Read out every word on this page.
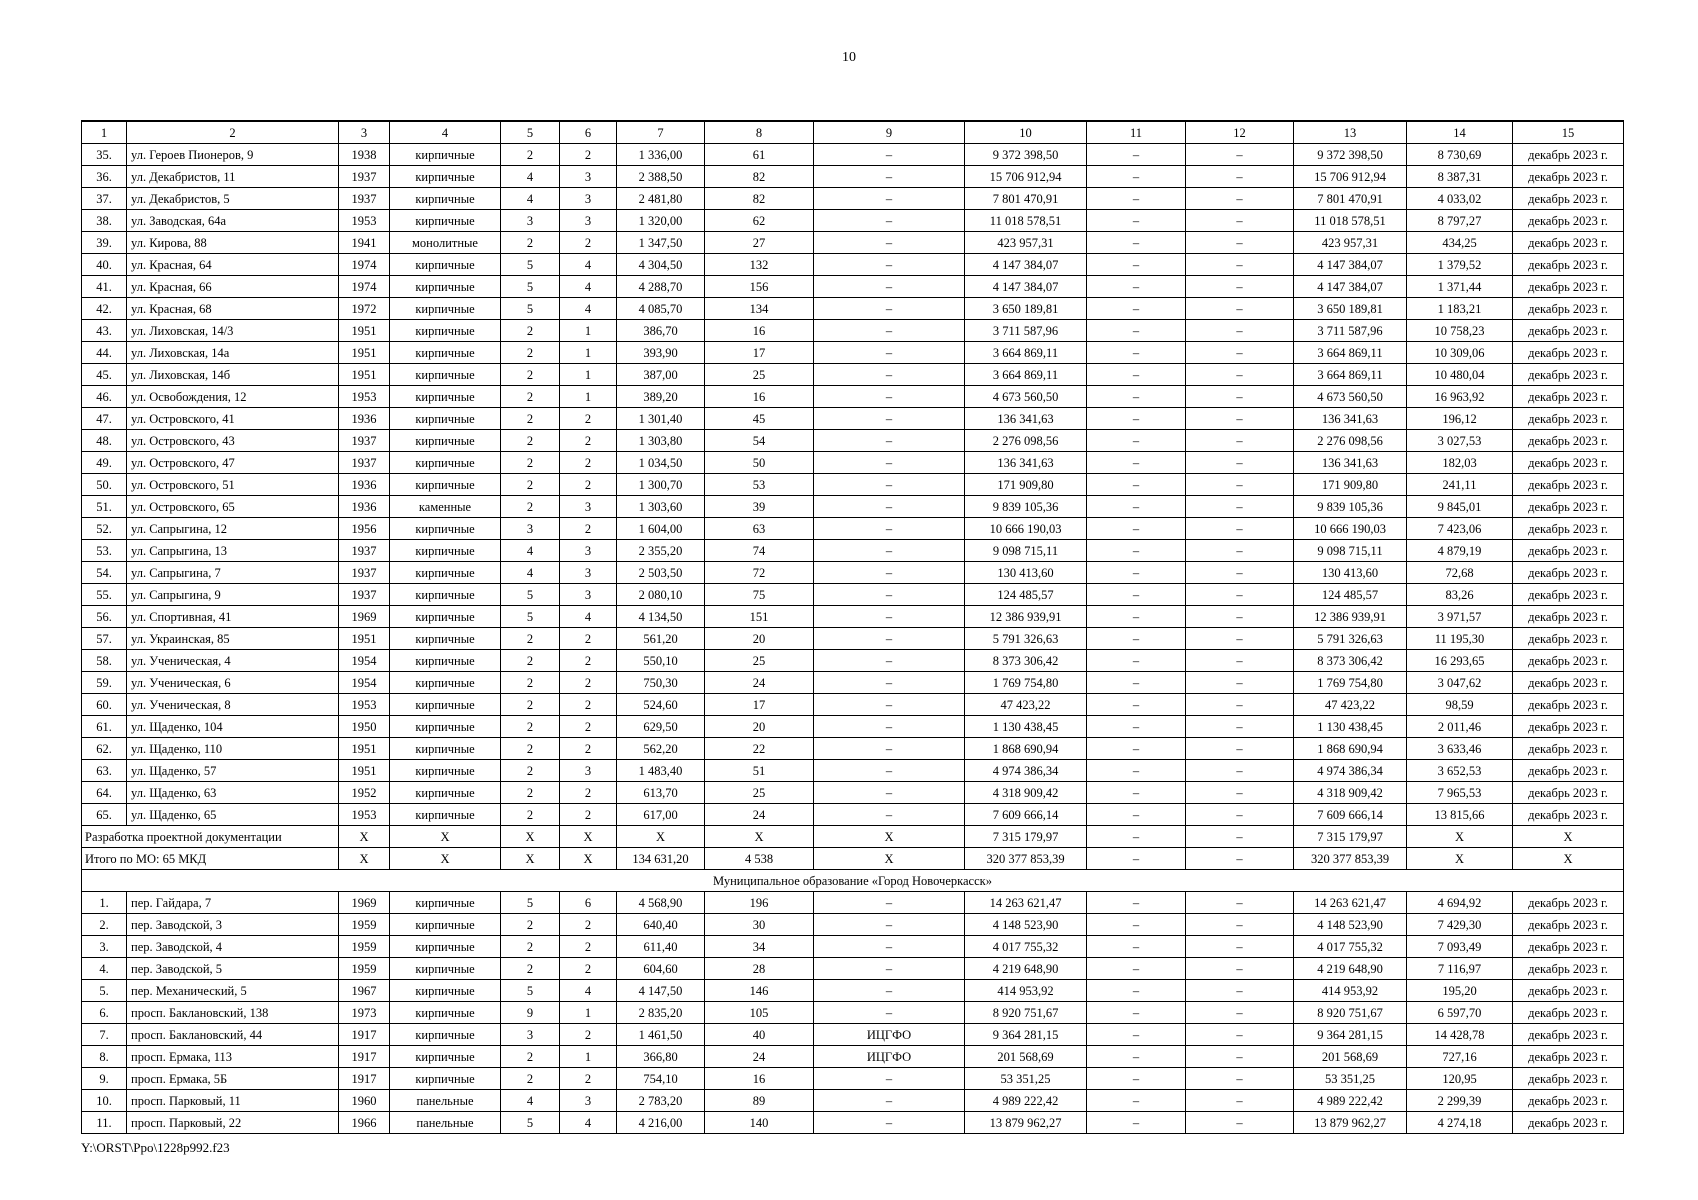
10
1	2	3	4	5	6	7	8	9	10	11	12	13	14	15
35.	ул. Героев Пионеров, 9	1938	кирпичные	2	2	1 336,00	61	–	9 372 398,50	–	–	9 372 398,50	8 730,69	декабрь 2023 г.
36.	ул. Декабристов, 11	1937	кирпичные	4	3	2 388,50	82	–	15 706 912,94	–	–	15 706 912,94	8 387,31	декабрь 2023 г.
37.	ул. Декабристов, 5	1937	кирпичные	4	3	2 481,80	82	–	7 801 470,91	–	–	7 801 470,91	4 033,02	декабрь 2023 г.
38.	ул. Заводская, 64а	1953	кирпичные	3	3	1 320,00	62	–	11 018 578,51	–	–	11 018 578,51	8 797,27	декабрь 2023 г.
39.	ул. Кирова, 88	1941	монолитные	2	2	1 347,50	27	–	423 957,31	–	–	423 957,31	434,25	декабрь 2023 г.
40.	ул. Красная, 64	1974	кирпичные	5	4	4 304,50	132	–	4 147 384,07	–	–	4 147 384,07	1 379,52	декабрь 2023 г.
41.	ул. Красная, 66	1974	кирпичные	5	4	4 288,70	156	–	4 147 384,07	–	–	4 147 384,07	1 371,44	декабрь 2023 г.
42.	ул. Красная, 68	1972	кирпичные	5	4	4 085,70	134	–	3 650 189,81	–	–	3 650 189,81	1 183,21	декабрь 2023 г.
43.	ул. Лиховская, 14/3	1951	кирпичные	2	1	386,70	16	–	3 711 587,96	–	–	3 711 587,96	10 758,23	декабрь 2023 г.
44.	ул. Лиховская, 14а	1951	кирпичные	2	1	393,90	17	–	3 664 869,11	–	–	3 664 869,11	10 309,06	декабрь 2023 г.
45.	ул. Лиховская, 14б	1951	кирпичные	2	1	387,00	25	–	3 664 869,11	–	–	3 664 869,11	10 480,04	декабрь 2023 г.
46.	ул. Освобождения, 12	1953	кирпичные	2	1	389,20	16	–	4 673 560,50	–	–	4 673 560,50	16 963,92	декабрь 2023 г.
47.	ул. Островского, 41	1936	кирпичные	2	2	1 301,40	45	–	136 341,63	–	–	136 341,63	196,12	декабрь 2023 г.
48.	ул. Островского, 43	1937	кирпичные	2	2	1 303,80	54	–	2 276 098,56	–	–	2 276 098,56	3 027,53	декабрь 2023 г.
49.	ул. Островского, 47	1937	кирпичные	2	2	1 034,50	50	–	136 341,63	–	–	136 341,63	182,03	декабрь 2023 г.
50.	ул. Островского, 51	1936	кирпичные	2	2	1 300,70	53	–	171 909,80	–	–	171 909,80	241,11	декабрь 2023 г.
51.	ул. Островского, 65	1936	каменные	2	3	1 303,60	39	–	9 839 105,36	–	–	9 839 105,36	9 845,01	декабрь 2023 г.
52.	ул. Сапрыгина, 12	1956	кирпичные	3	2	1 604,00	63	–	10 666 190,03	–	–	10 666 190,03	7 423,06	декабрь 2023 г.
53.	ул. Сапрыгина, 13	1937	кирпичные	4	3	2 355,20	74	–	9 098 715,11	–	–	9 098 715,11	4 879,19	декабрь 2023 г.
54.	ул. Сапрыгина, 7	1937	кирпичные	4	3	2 503,50	72	–	130 413,60	–	–	130 413,60	72,68	декабрь 2023 г.
55.	ул. Сапрыгина, 9	1937	кирпичные	5	3	2 080,10	75	–	124 485,57	–	–	124 485,57	83,26	декабрь 2023 г.
56.	ул. Спортивная, 41	1969	кирпичные	5	4	4 134,50	151	–	12 386 939,91	–	–	12 386 939,91	3 971,57	декабрь 2023 г.
57.	ул. Украинская, 85	1951	кирпичные	2	2	561,20	20	–	5 791 326,63	–	–	5 791 326,63	11 195,30	декабрь 2023 г.
58.	ул. Ученическая, 4	1954	кирпичные	2	2	550,10	25	–	8 373 306,42	–	–	8 373 306,42	16 293,65	декабрь 2023 г.
59.	ул. Ученическая, 6	1954	кирпичные	2	2	750,30	24	–	1 769 754,80	–	–	1 769 754,80	3 047,62	декабрь 2023 г.
60.	ул. Ученическая, 8	1953	кирпичные	2	2	524,60	17	–	47 423,22	–	–	47 423,22	98,59	декабрь 2023 г.
61.	ул. Щаденко, 104	1950	кирпичные	2	2	629,50	20	–	1 130 438,45	–	–	1 130 438,45	2 011,46	декабрь 2023 г.
62.	ул. Щаденко, 110	1951	кирпичные	2	2	562,20	22	–	1 868 690,94	–	–	1 868 690,94	3 633,46	декабрь 2023 г.
63.	ул. Щаденко, 57	1951	кирпичные	2	3	1 483,40	51	–	4 974 386,34	–	–	4 974 386,34	3 652,53	декабрь 2023 г.
64.	ул. Щаденко, 63	1952	кирпичные	2	2	613,70	25	–	4 318 909,42	–	–	4 318 909,42	7 965,53	декабрь 2023 г.
65.	ул. Щаденко, 65	1953	кирпичные	2	2	617,00	24	–	7 609 666,14	–	–	7 609 666,14	13 815,66	декабрь 2023 г.
Разработка проектной документации		X	X	X	X	X	X	X	7 315 179,97	–	–	7 315 179,97	X	X
Итого по МО: 65 МКД		X	X	X	X	134 631,20	4 538	X	320 377 853,39	–	–	320 377 853,39	X	X
Муниципальное образование «Город Новочеркасск»														
1.	пер. Гайдара, 7	1969	кирпичные	5	6	4 568,90	196	–	14 263 621,47	–	–	14 263 621,47	4 694,92	декабрь 2023 г.
2.	пер. Заводской, 3	1959	кирпичные	2	2	640,40	30	–	4 148 523,90	–	–	4 148 523,90	7 429,30	декабрь 2023 г.
3.	пер. Заводской, 4	1959	кирпичные	2	2	611,40	34	–	4 017 755,32	–	–	4 017 755,32	7 093,49	декабрь 2023 г.
4.	пер. Заводской, 5	1959	кирпичные	2	2	604,60	28	–	4 219 648,90	–	–	4 219 648,90	7 116,97	декабрь 2023 г.
5.	пер. Механический, 5	1967	кирпичные	5	4	4 147,50	146	–	414 953,92	–	–	414 953,92	195,20	декабрь 2023 г.
6.	просп. Баклановский, 138	1973	кирпичные	9	1	2 835,20	105	–	8 920 751,67	–	–	8 920 751,67	6 597,70	декабрь 2023 г.
7.	просп. Баклановский, 44	1917	кирпичные	3	2	1 461,50	40	ИЦГФО	9 364 281,15	–	–	9 364 281,15	14 428,78	декабрь 2023 г.
8.	просп. Ермака, 113	1917	кирпичные	2	1	366,80	24	ИЦГФО	201 568,69	–	–	201 568,69	727,16	декабрь 2023 г.
9.	просп. Ермака, 5Б	1917	кирпичные	2	2	754,10	16	–	53 351,25	–	–	53 351,25	120,95	декабрь 2023 г.
10.	просп. Парковый, 11	1960	панельные	4	3	2 783,20	89	–	4 989 222,42	–	–	4 989 222,42	2 299,39	декабрь 2023 г.
11.	просп. Парковый, 22	1966	панельные	5	4	4 216,00	140	–	13 879 962,27	–	–	13 879 962,27	4 274,18	декабрь 2023 г.
Y:\ORST\Ppo\1228p992.f23
